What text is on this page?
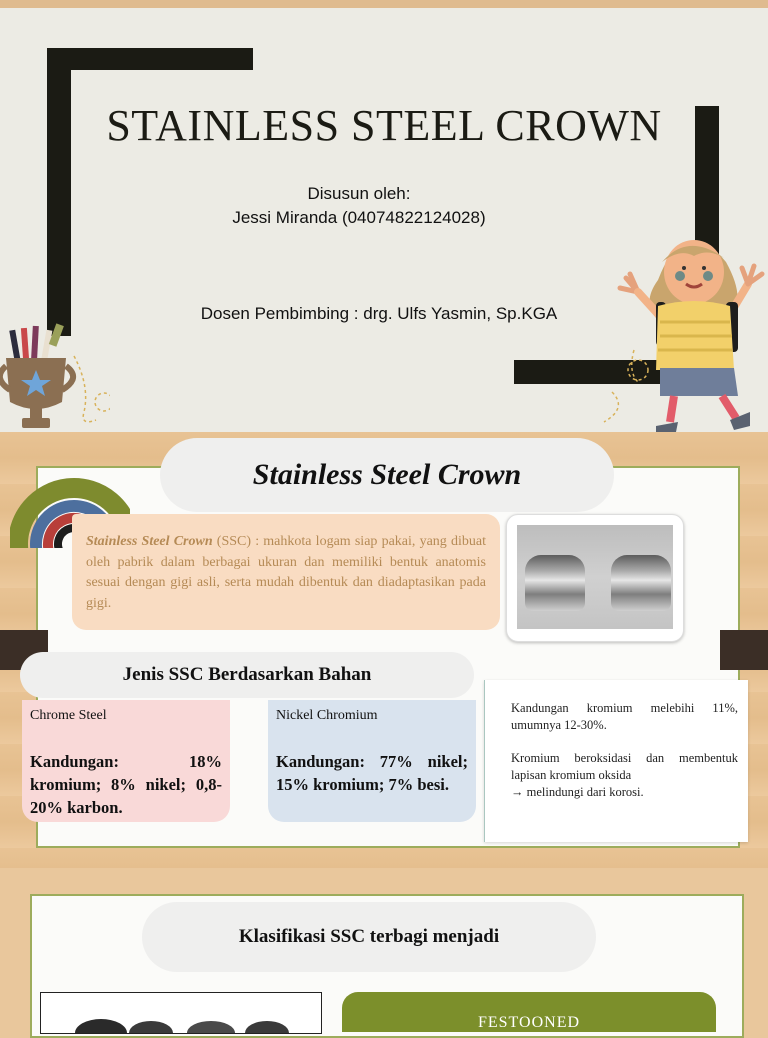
STAINLESS STEEL CROWN
Disusun oleh:
Jessi Miranda (04074822124028)
Dosen Pembimbing : drg. Ulfs Yasmin, Sp.KGA
Stainless Steel Crown
Stainless Steel Crown (SSC) : mahkota logam siap pakai, yang dibuat oleh pabrik dalam berbagai ukuran dan memiliki bentuk anatomis sesuai dengan gigi asli, serta mudah dibentuk dan diadaptasikan pada gigi.
Jenis SSC Berdasarkan Bahan
Chrome Steel
Kandungan: 18% kromium; 8% nikel; 0,8-20% karbon.
Nickel Chromium
Kandungan: 77% nikel; 15% kromium; 7% besi.

Kandungan kromium melebihi 11%, umumnya 12-30%.

Kromium beroksidasi dan membentuk lapisan kromium oksida
→ melindungi dari korosi.

Klasifikasi SSC terbagi menjadi
FESTOONED
